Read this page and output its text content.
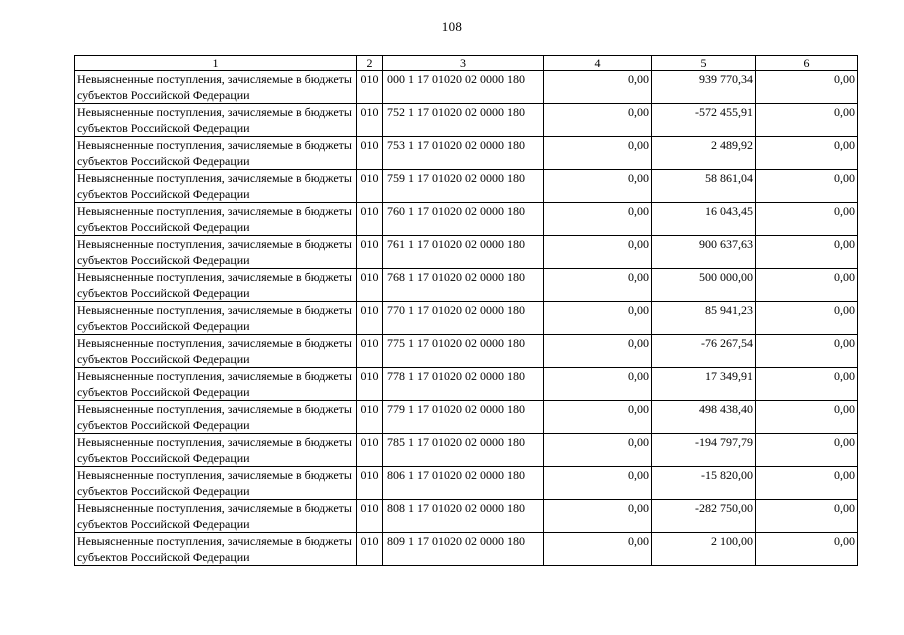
108
1	2	3	4	5	6
Невыясненные поступления, зачисляемые в бюджеты субъектов Российской Федерации	010	000 1 17 01020 02 0000 180	0,00	939 770,34	0,00
Невыясненные поступления, зачисляемые в бюджеты субъектов Российской Федерации	010	752 1 17 01020 02 0000 180	0,00	-572 455,91	0,00
Невыясненные поступления, зачисляемые в бюджеты субъектов Российской Федерации	010	753 1 17 01020 02 0000 180	0,00	2 489,92	0,00
Невыясненные поступления, зачисляемые в бюджеты субъектов Российской Федерации	010	759 1 17 01020 02 0000 180	0,00	58 861,04	0,00
Невыясненные поступления, зачисляемые в бюджеты субъектов Российской Федерации	010	760 1 17 01020 02 0000 180	0,00	16 043,45	0,00
Невыясненные поступления, зачисляемые в бюджеты субъектов Российской Федерации	010	761 1 17 01020 02 0000 180	0,00	900 637,63	0,00
Невыясненные поступления, зачисляемые в бюджеты субъектов Российской Федерации	010	768 1 17 01020 02 0000 180	0,00	500 000,00	0,00
Невыясненные поступления, зачисляемые в бюджеты субъектов Российской Федерации	010	770 1 17 01020 02 0000 180	0,00	85 941,23	0,00
Невыясненные поступления, зачисляемые в бюджеты субъектов Российской Федерации	010	775 1 17 01020 02 0000 180	0,00	-76 267,54	0,00
Невыясненные поступления, зачисляемые в бюджеты субъектов Российской Федерации	010	778 1 17 01020 02 0000 180	0,00	17 349,91	0,00
Невыясненные поступления, зачисляемые в бюджеты субъектов Российской Федерации	010	779 1 17 01020 02 0000 180	0,00	498 438,40	0,00
Невыясненные поступления, зачисляемые в бюджеты субъектов Российской Федерации	010	785 1 17 01020 02 0000 180	0,00	-194 797,79	0,00
Невыясненные поступления, зачисляемые в бюджеты субъектов Российской Федерации	010	806 1 17 01020 02 0000 180	0,00	-15 820,00	0,00
Невыясненные поступления, зачисляемые в бюджеты субъектов Российской Федерации	010	808 1 17 01020 02 0000 180	0,00	-282 750,00	0,00
Невыясненные поступления, зачисляемые в бюджеты субъектов Российской Федерации	010	809 1 17 01020 02 0000 180	0,00	2 100,00	0,00
